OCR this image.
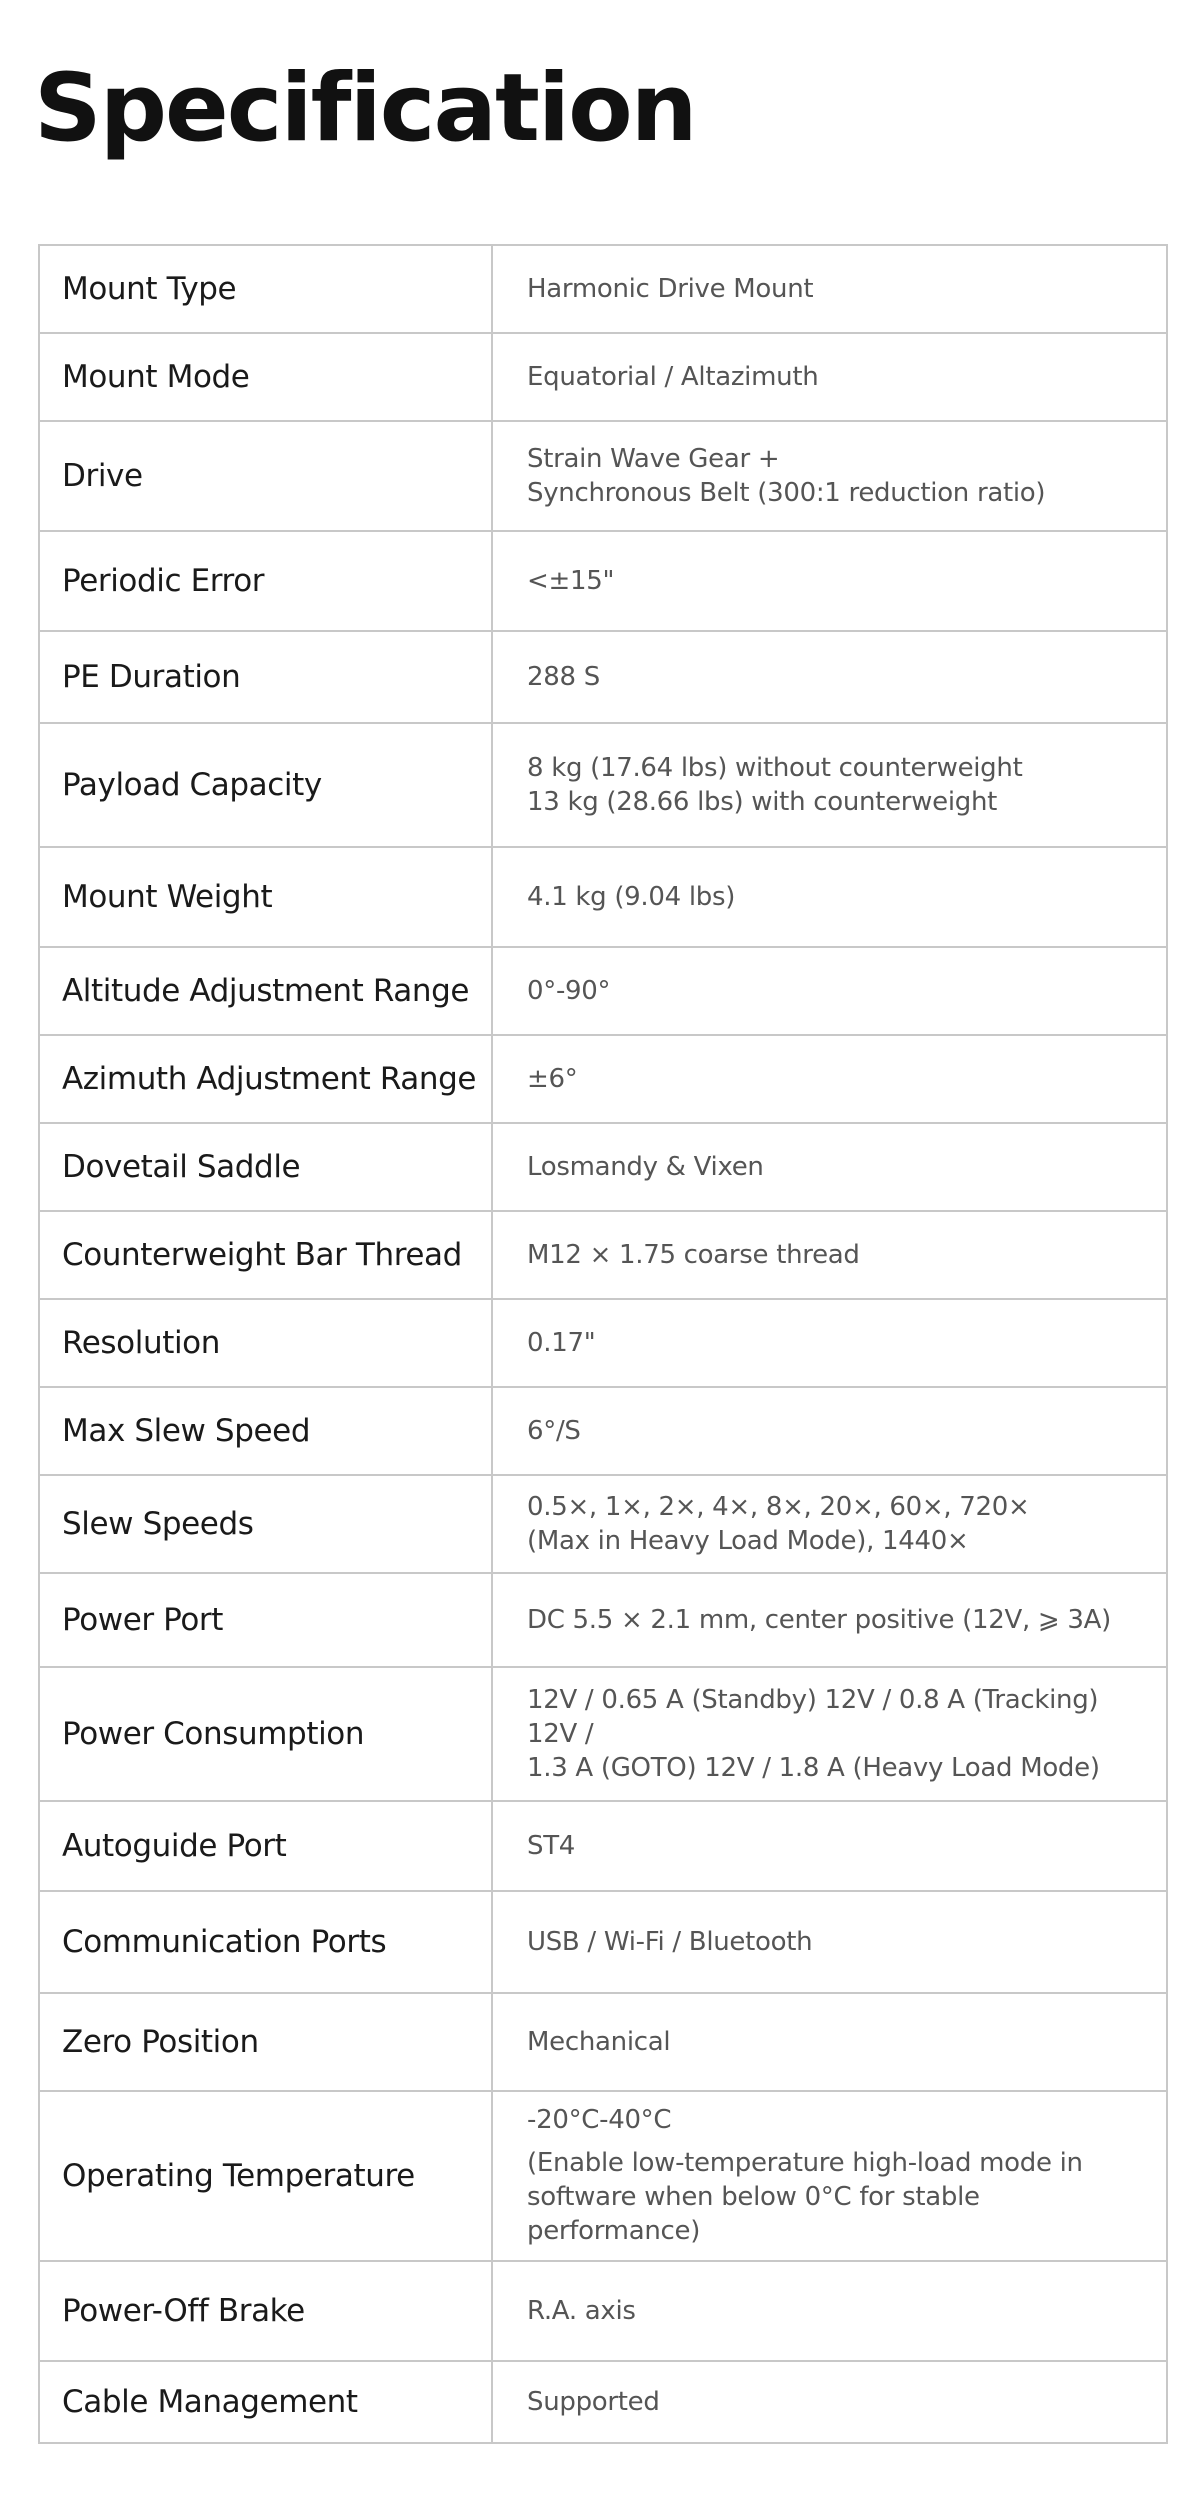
Specification
Mount Type	Harmonic Drive Mount

Mount Mode	Equatorial / Altazimuth

Drive	Strain Wave Gear +
Synchronous Belt (300:1 reduction ratio)

Periodic Error	<±15"

PE Duration	288 S

Payload Capacity	8 kg (17.64 lbs) without counterweight
13 kg (28.66 lbs) with counterweight

Mount Weight	4.1 kg (9.04 lbs)

Altitude Adjustment Range	0°-90°

Azimuth Adjustment Range	±6°

Dovetail Saddle	Losmandy & Vixen

Counterweight Bar Thread	M12 × 1.75 coarse thread

Resolution	0.17"

Max Slew Speed	6°/S

Slew Speeds	0.5×, 1×, 2×, 4×, 8×, 20×, 60×, 720×
(Max in Heavy Load Mode), 1440×

Power Port	DC 5.5 × 2.1 mm, center positive (12V, ⩾ 3A)

Power Consumption	12V / 0.65 A (Standby) 12V / 0.8 A (Tracking) 12V /
1.3 A (GOTO) 12V / 1.8 A (Heavy Load Mode)

Autoguide Port	ST4

Communication Ports	USB / Wi-Fi / Bluetooth

Zero Position	Mechanical

Operating Temperature	-20°C-40°C
(Enable low-temperature high-load mode in
software when below 0°C for stable performance)

Power-Off Brake	R.A. axis

Cable Management	Supported
